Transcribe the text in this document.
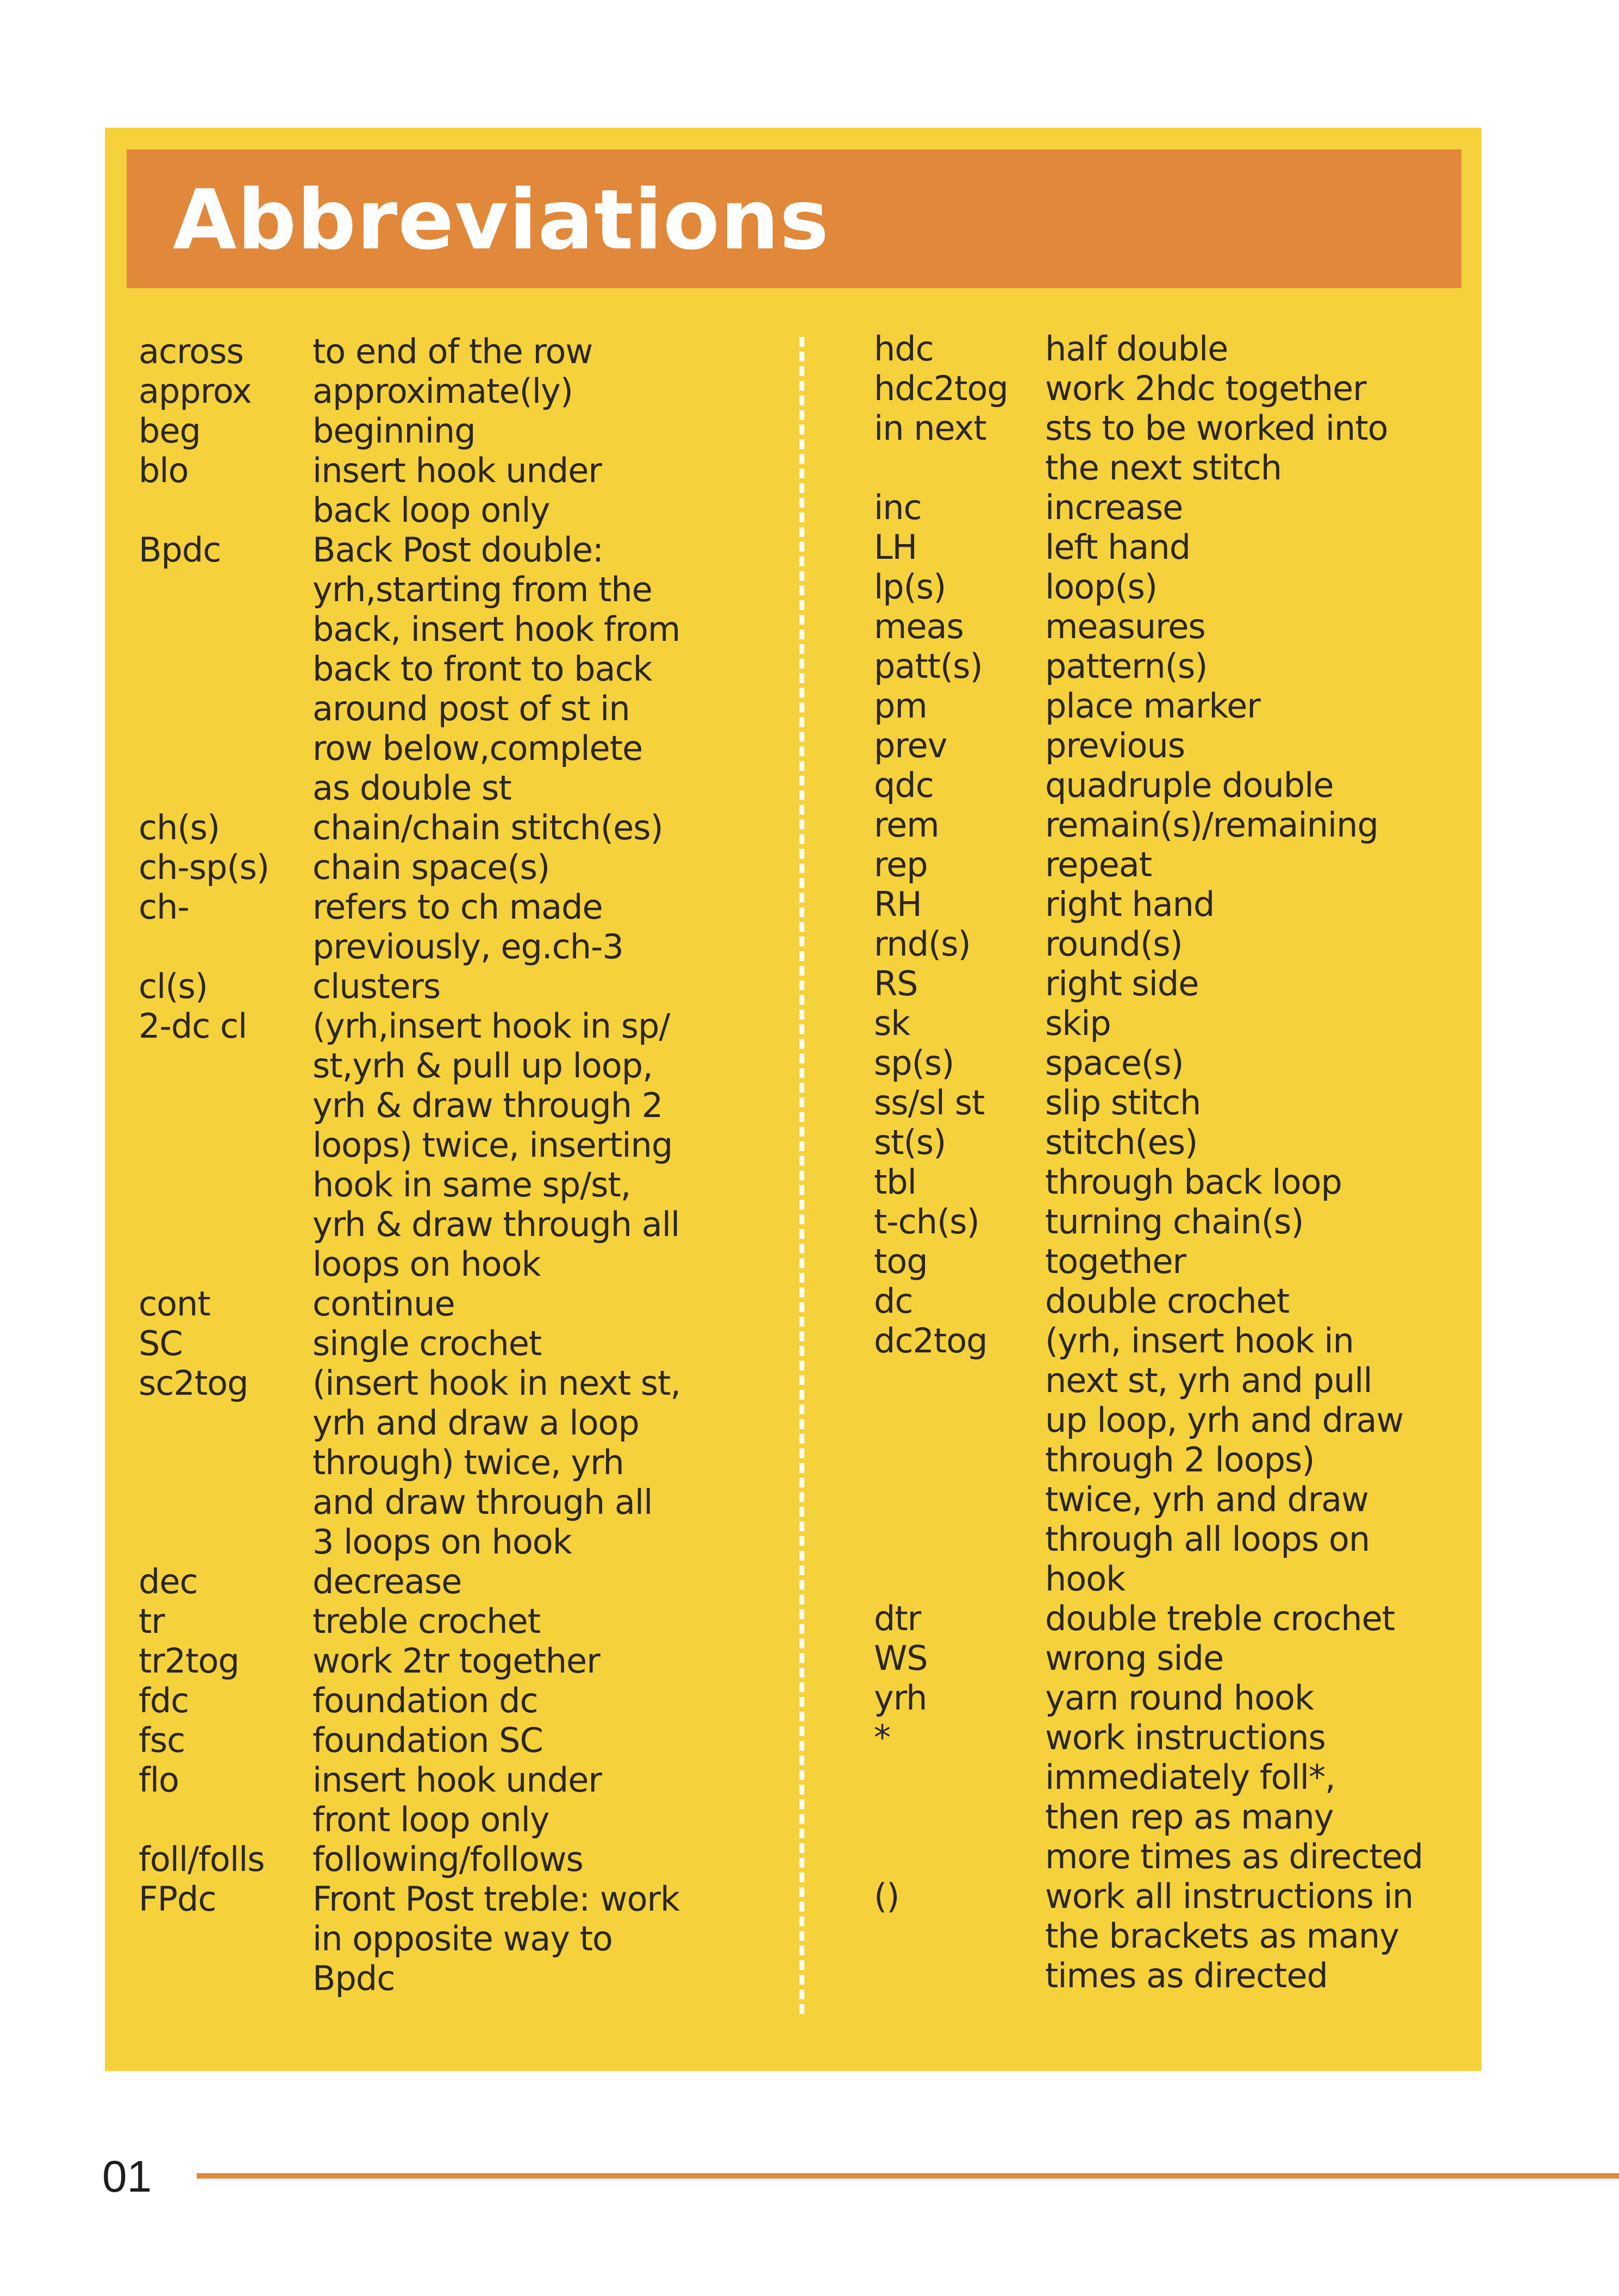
Abbreviations
across	to end of the row
approx	approximate(ly)
beg	beginning
blo	insert hook under
back loop only
Bpdc	Back Post double:
yrh,starting from the
back, insert hook from
back to front to back
around post of st in
row below,complete
as double st
ch(s)	chain/chain stitch(es)
ch-sp(s)	chain space(s)
ch-	refers to ch made
previously, eg.ch-3
cl(s)	clusters
2-dc cl	(yrh,insert hook in sp/
st,yrh & pull up loop,
yrh & draw through 2
loops) twice, inserting
hook in same sp/st,
yrh & draw through all
loops on hook
cont	continue
SC	single crochet
sc2tog	(insert hook in next st,
yrh and draw a loop
through) twice, yrh
and draw through all
3 loops on hook
dec	decrease
tr	treble crochet
tr2tog	work 2tr together
fdc	foundation dc
fsc	foundation SC
flo	insert hook under
front loop only
foll/folls	following/follows
FPdc	Front Post treble: work
in opposite way to
Bpdc
hdc	half double
hdc2tog	work 2hdc together
in next	sts to be worked into
the next stitch
inc	increase
LH	left hand
lp(s)	loop(s)
meas	measures
patt(s)	pattern(s)
pm	place marker
prev	previous
qdc	quadruple double
rem	remain(s)/remaining
rep	repeat
RH	right hand
rnd(s)	round(s)
RS	right side
sk	skip
sp(s)	space(s)
ss/sl st	slip stitch
st(s)	stitch(es)
tbl	through back loop
t-ch(s)	turning chain(s)
tog	together
dc	double crochet
dc2tog	(yrh, insert hook in
next st, yrh and pull
up loop, yrh and draw
through 2 loops)
twice, yrh and draw
through all loops on
hook
dtr	double treble crochet
WS	wrong side
yrh	yarn round hook
*	work instructions
immediately foll*,
then rep as many
more times as directed
()	work all instructions in
the brackets as many
times as directed
01
